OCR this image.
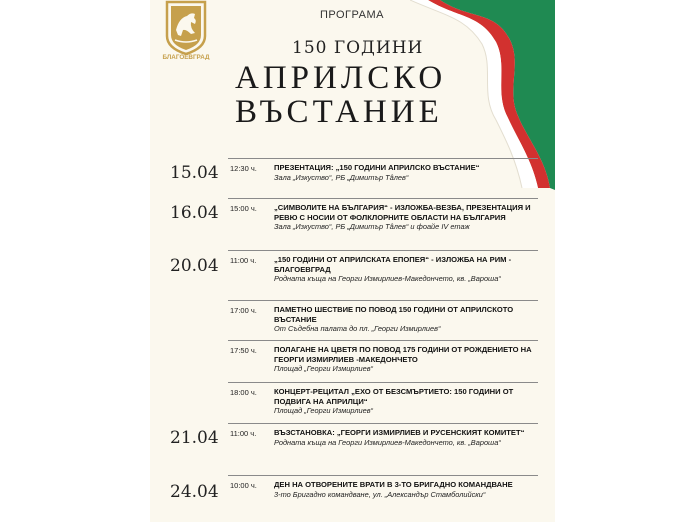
БЛАГОЕВГРАД
ПРОГРАМА
150 ГОДИНИ
АПРИЛСКО
ВЪСТАНИЕ
15.04
16.04
20.04
21.04
24.04
12:30 ч. ПРЕЗЕНТАЦИЯ: „150 ГОДИНИ АПРИЛСКО ВЪСТАНИЕ“
Зала „Изкуство“, РБ „Димитър Тâлев“
15:00 ч. „СИМВОЛИТЕ НА БЪЛГАРИЯ“ - ИЗЛОЖБА-ВЕЗБА, ПРЕЗЕНТАЦИЯ И РЕВЮ С НОСИИ ОТ ФОЛКЛОРНИТЕ ОБЛАСТИ НА БЪЛГАРИЯ
Зала „Изкуство“, РБ „Димитър Тâлев“ и фоайе IV етаж
11:00 ч. „150 ГОДИНИ ОТ АПРИЛСКАТА ЕПОПЕЯ“ - ИЗЛОЖБА НА РИМ - БЛАГОЕВГРАД
Родната къща на Георги Измирлиев-Македончето, кв. „Вароша“
17:00 ч. ПАМЕТНО ШЕСТВИЕ ПО ПОВОД 150 ГОДИНИ ОТ АПРИЛСКОТО ВЪСТАНИЕ
От Съдебна палата до пл. „Георги Измирлиев“
17:50 ч. ПОЛАГАНЕ НА ЦВЕТЯ ПО ПОВОД 175 ГОДИНИ ОТ РОЖДЕНИЕТО НА ГЕОРГИ ИЗМИРЛИЕВ -МАКЕДОНЧЕТО
Площад „Георги Измирлиев“
18:00 ч. КОНЦЕРТ-РЕЦИТАЛ „ЕХО ОТ БЕЗСМЪРТИЕТО: 150 ГОДИНИ ОТ ПОДВИГА НА АПРИЛЦИ“
Площад „Георги Измирлиев“
11:00 ч. ВЪЗСТАНОВКА: „ГЕОРГИ ИЗМИРЛИЕВ И РУСЕНСКИЯТ КОМИТЕТ“
Родната къща на Георги Измирлиев-Македончето, кв. „Вароша“
10:00 ч. ДЕН НА ОТВОРЕНИТЕ ВРАТИ В 3-ТО БРИГАДНО КОМАНДВАНЕ
3-то Бригадно командване, ул. „Александър Стамболийски“
